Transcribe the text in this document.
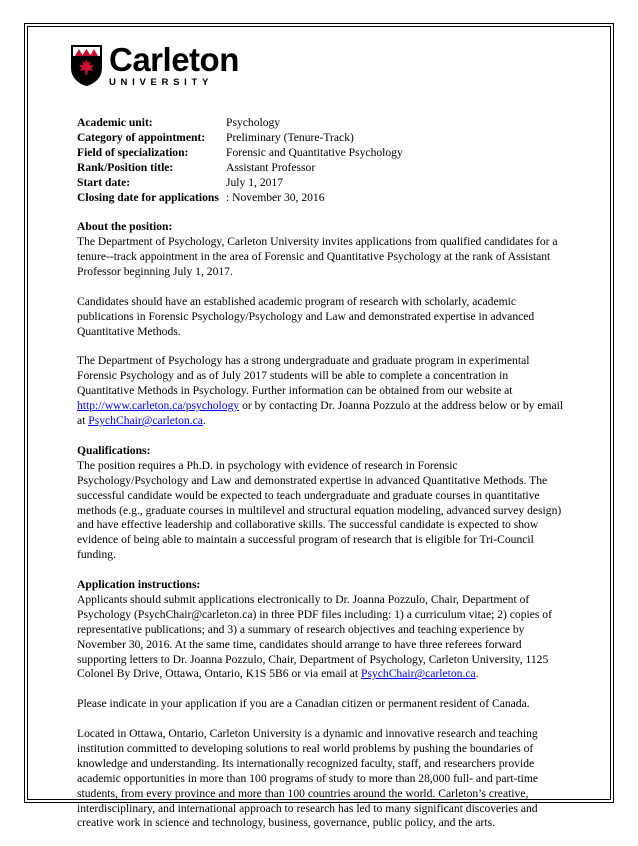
Carleton
UNIVERSITY
Academic unit:	Psychology
Category of appointment:	Preliminary (Tenure-Track)
Field of specialization:	Forensic and Quantitative Psychology
Rank/Position title:	Assistant Professor
Start date:	July 1, 2017
Closing date for applications	: November 30, 2016
About the position:

The Department of Psychology, Carleton University invites applications from qualified candidates for a tenure--track appointment in the area of Forensic and Quantitative Psychology at the rank of Assistant Professor beginning July 1, 2017.

Candidates should have an established academic program of research with scholarly, academic publications in Forensic Psychology/Psychology and Law and demonstrated expertise in advanced Quantitative Methods.

The Department of Psychology has a strong undergraduate and graduate program in experimental Forensic Psychology and as of July 2017 students will be able to complete a concentration in Quantitative Methods in Psychology. Further information can be obtained from our website at http://www.carleton.ca/psychology or by contacting Dr. Joanna Pozzulo at the address below or by email at PsychChair@carleton.ca.

Qualifications:

The position requires a Ph.D. in psychology with evidence of research in Forensic Psychology/Psychology and Law and demonstrated expertise in advanced Quantitative Methods. The successful candidate would be expected to teach undergraduate and graduate courses in quantitative methods (e.g., graduate courses in multilevel and structural equation modeling, advanced survey design) and have effective leadership and collaborative skills. The successful candidate is expected to show evidence of being able to maintain a successful program of research that is eligible for Tri-Council funding.

Application instructions:

Applicants should submit applications electronically to Dr. Joanna Pozzulo, Chair, Department of Psychology (PsychChair@carleton.ca) in three PDF files including: 1) a curriculum vitae; 2) copies of representative publications; and 3) a summary of research objectives and teaching experience by November 30, 2016. At the same time, candidates should arrange to have three referees forward supporting letters to Dr. Joanna Pozzulo, Chair, Department of Psychology, Carleton University, 1125 Colonel By Drive, Ottawa, Ontario, K1S 5B6 or via email at PsychChair@carleton.ca.

Please indicate in your application if you are a Canadian citizen or permanent resident of Canada.

Located in Ottawa, Ontario, Carleton University is a dynamic and innovative research and teaching institution committed to developing solutions to real world problems by pushing the boundaries of knowledge and understanding. Its internationally recognized faculty, staff, and researchers provide academic opportunities in more than 100 programs of study to more than 28,000 full- and part-time students, from every province and more than 100 countries around the world. Carleton’s creative, interdisciplinary, and international approach to research has led to many significant discoveries and creative work in science and technology, business, governance, public policy, and the arts.
